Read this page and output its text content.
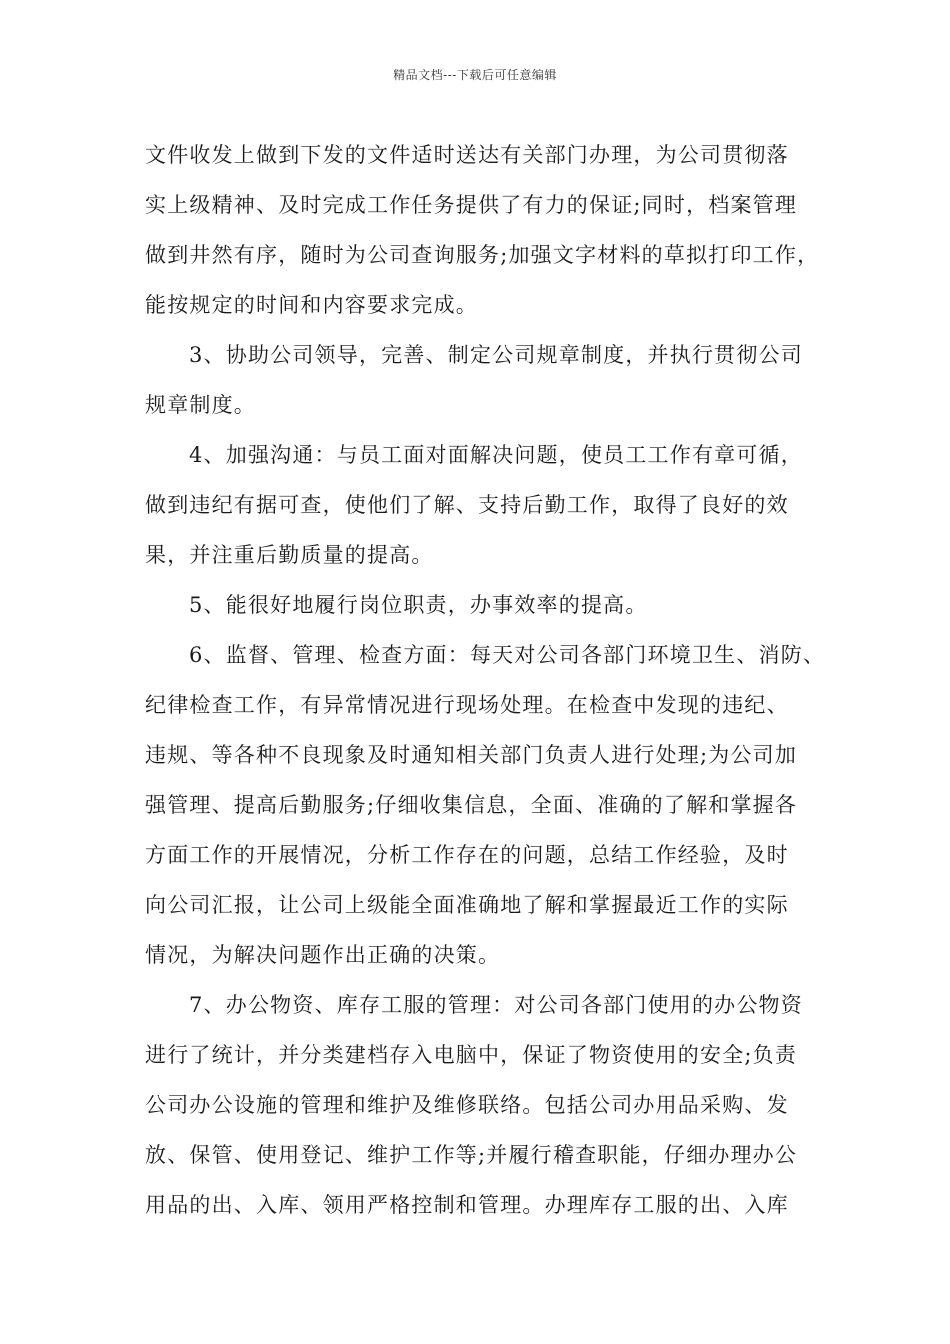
精品文档---下载后可任意编辑
文件收发上做到下发的文件适时送达有关部门办理，为公司贯彻落
实上级精神、及时完成工作任务提供了有力的保证;同时，档案管理
做到井然有序，随时为公司查询服务;加强文字材料的草拟打印工作，
能按规定的时间和内容要求完成。
3、协助公司领导，完善、制定公司规章制度，并执行贯彻公司
规章制度。
4、加强沟通：与员工面对面解决问题，使员工工作有章可循，
做到违纪有据可查，使他们了解、支持后勤工作，取得了良好的效
果，并注重后勤质量的提高。
5、能很好地履行岗位职责，办事效率的提高。
6、监督、管理、检查方面：每天对公司各部门环境卫生、消防、
纪律检查工作，有异常情况进行现场处理。在检查中发现的违纪、
违规、等各种不良现象及时通知相关部门负责人进行处理;为公司加
强管理、提高后勤服务;仔细收集信息，全面、准确的了解和掌握各
方面工作的开展情况，分析工作存在的问题，总结工作经验，及时
向公司汇报，让公司上级能全面准确地了解和掌握最近工作的实际
情况，为解决问题作出正确的决策。
7、办公物资、库存工服的管理：对公司各部门使用的办公物资
进行了统计，并分类建档存入电脑中，保证了物资使用的安全;负责
公司办公设施的管理和维护及维修联络。包括公司办用品采购、发
放、保管、使用登记、维护工作等;并履行稽查职能，仔细办理办公
用品的出、入库、领用严格控制和管理。办理库存工服的出、入库
